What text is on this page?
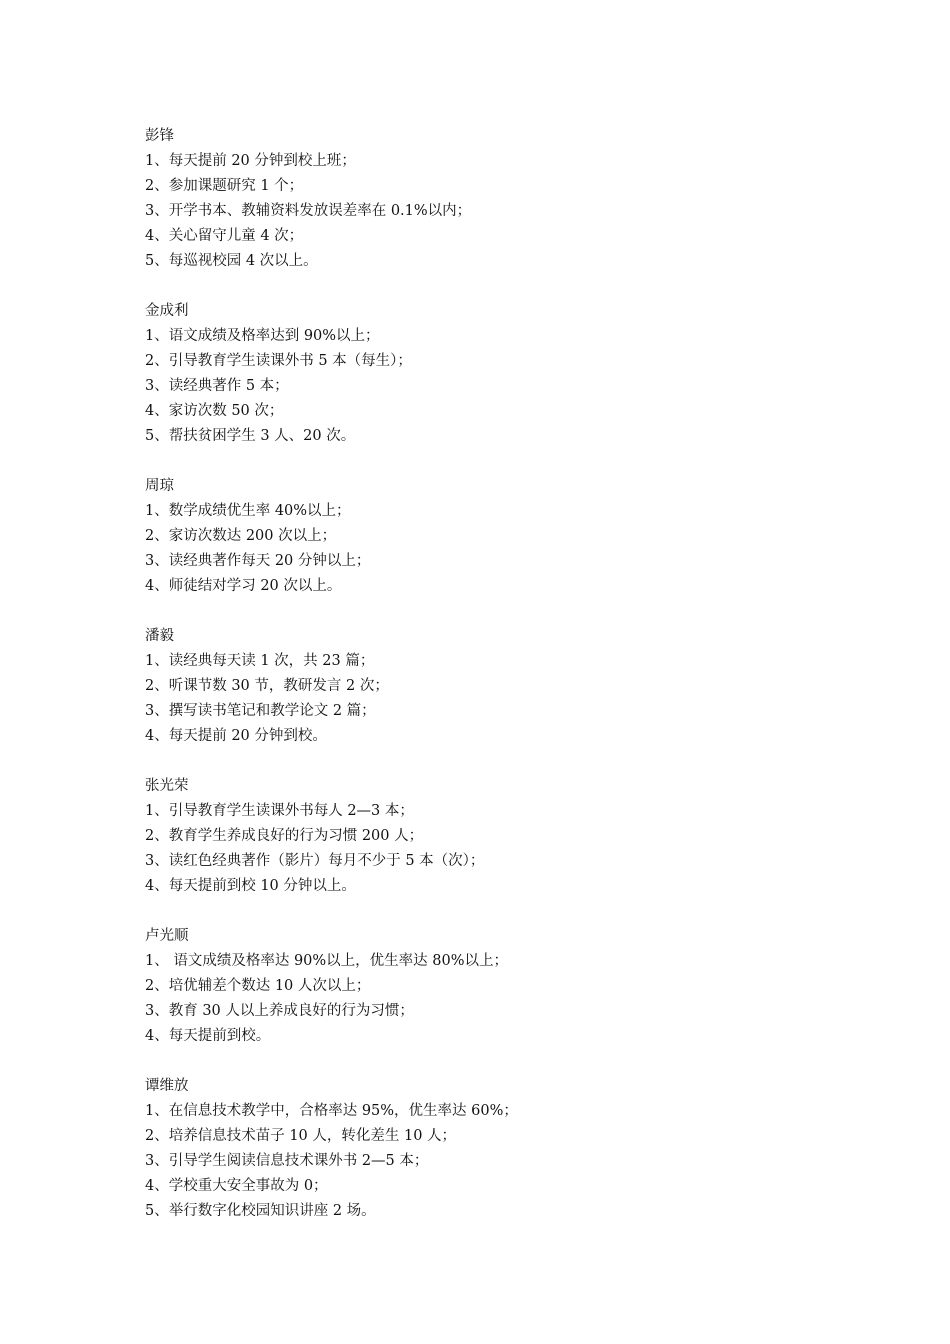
彭锋
1、每天提前 20 分钟到校上班；
2、参加课题研究 1 个；
3、开学书本、教辅资料发放误差率在 0.1%以内；
4、关心留守儿童 4 次；
5、每巡视校园 4 次以上。
金成利
1、语文成绩及格率达到 90%以上；
2、引导教育学生读课外书 5 本（每生）；
3、读经典著作 5 本；
4、家访次数 50 次；
5、帮扶贫困学生 3 人、20 次。
周琼
1、数学成绩优生率 40%以上；
2、家访次数达 200 次以上；
3、读经典著作每天 20 分钟以上；
4、师徒结对学习 20 次以上。
潘毅
1、读经典每天读 1 次，共 23 篇；
2、听课节数 30 节，教研发言 2 次；
3、撰写读书笔记和教学论文 2 篇；
4、每天提前 20 分钟到校。
张光荣
1、引导教育学生读课外书每人 2—3 本；
2、教育学生养成良好的行为习惯 200 人；
3、读红色经典著作（影片）每月不少于 5 本（次）；
4、每天提前到校 10 分钟以上。
卢光顺
1、 语文成绩及格率达 90%以上，优生率达 80%以上；
2、培优辅差个数达 10 人次以上；
3、教育 30 人以上养成良好的行为习惯；
4、每天提前到校。
谭维放
1、在信息技术教学中，合格率达 95%，优生率达 60%；
2、培养信息技术苗子 10 人，转化差生 10 人；
3、引导学生阅读信息技术课外书 2—5 本；
4、学校重大安全事故为 0；
5、举行数字化校园知识讲座 2 场。
